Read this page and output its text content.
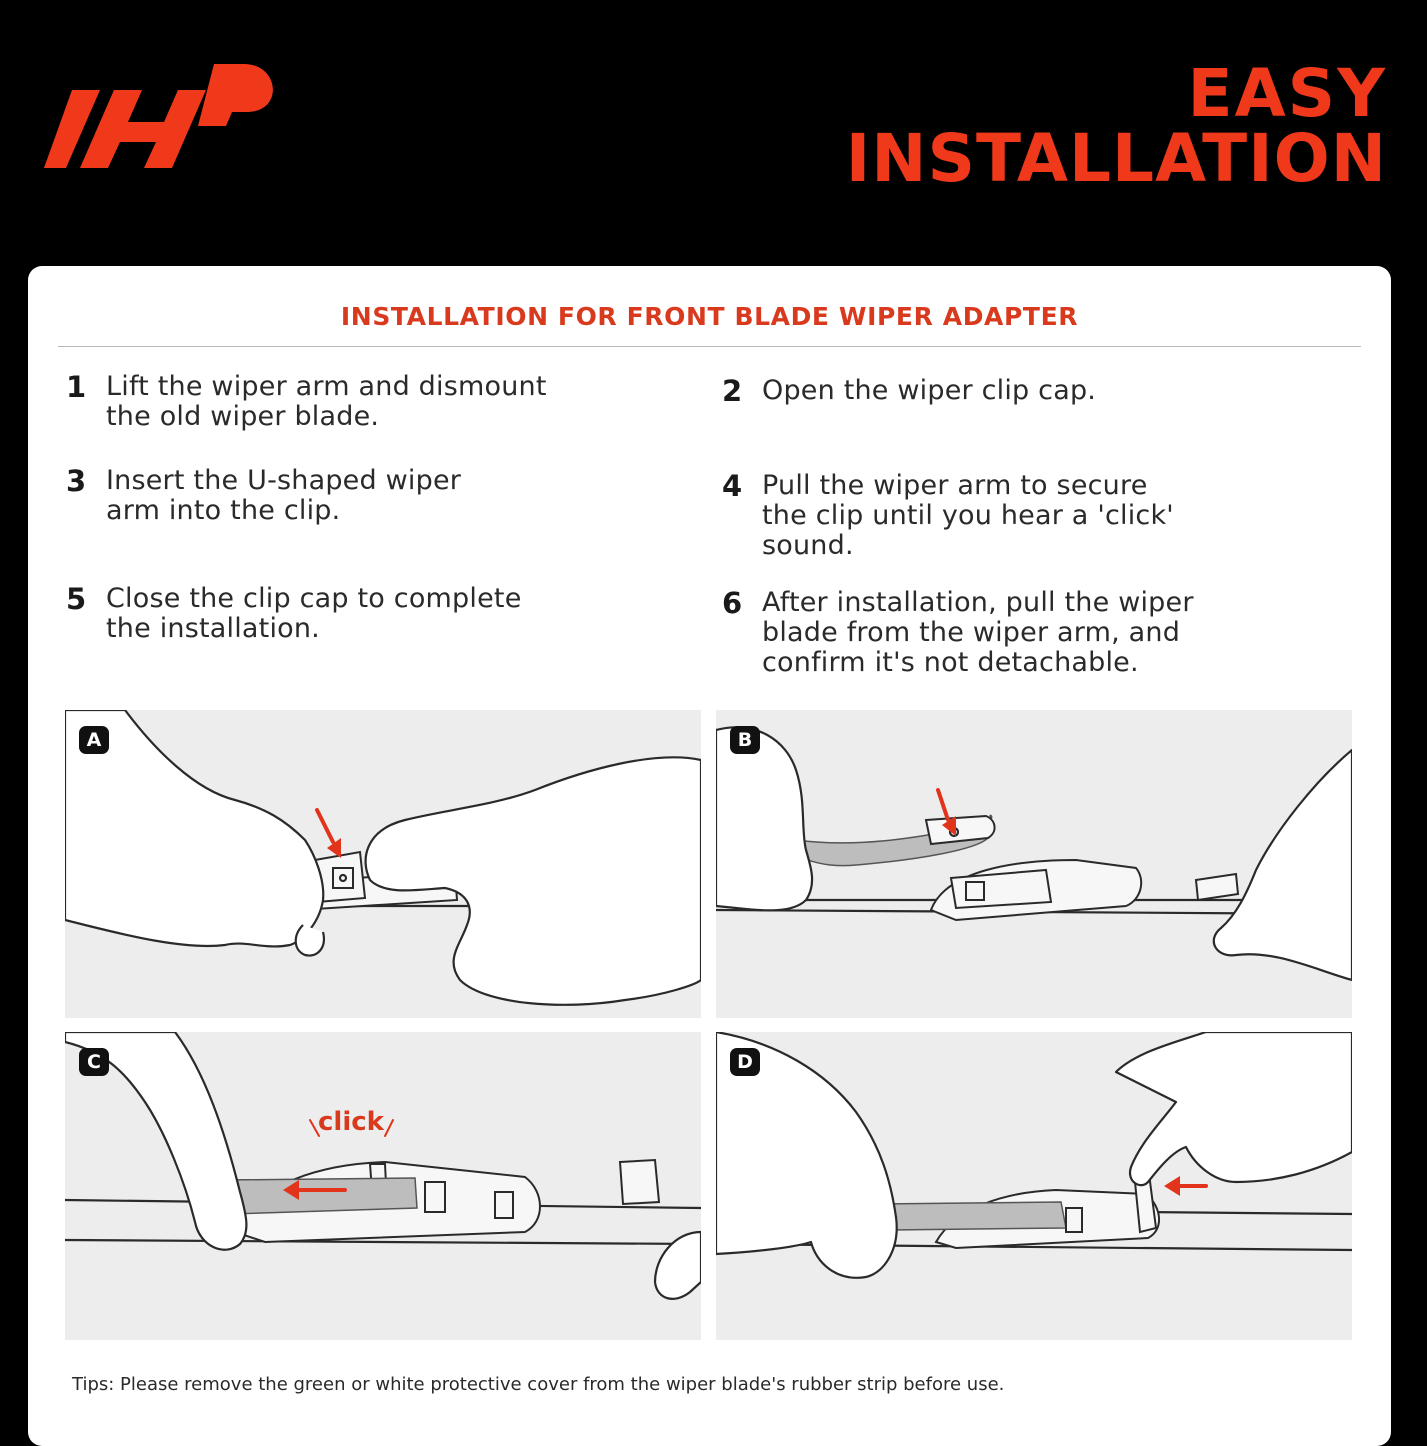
EASY
INSTALLATION
INSTALLATION FOR FRONT BLADE WIPER ADAPTER
1 Lift the wiper arm and dismount
the old wiper blade.
2 Open the wiper clip cap.
3 Insert the U-shaped wiper
arm into the clip.
4 Pull the wiper arm to secure
the clip until you hear a 'click'
sound.
5 Close the clip cap to complete
the installation.
6 After installation, pull the wiper
blade from the wiper arm, and
confirm it's not detachable.
A	B
click
C	D
Tips: Please remove the green or white protective cover from the wiper blade's rubber strip before use.
